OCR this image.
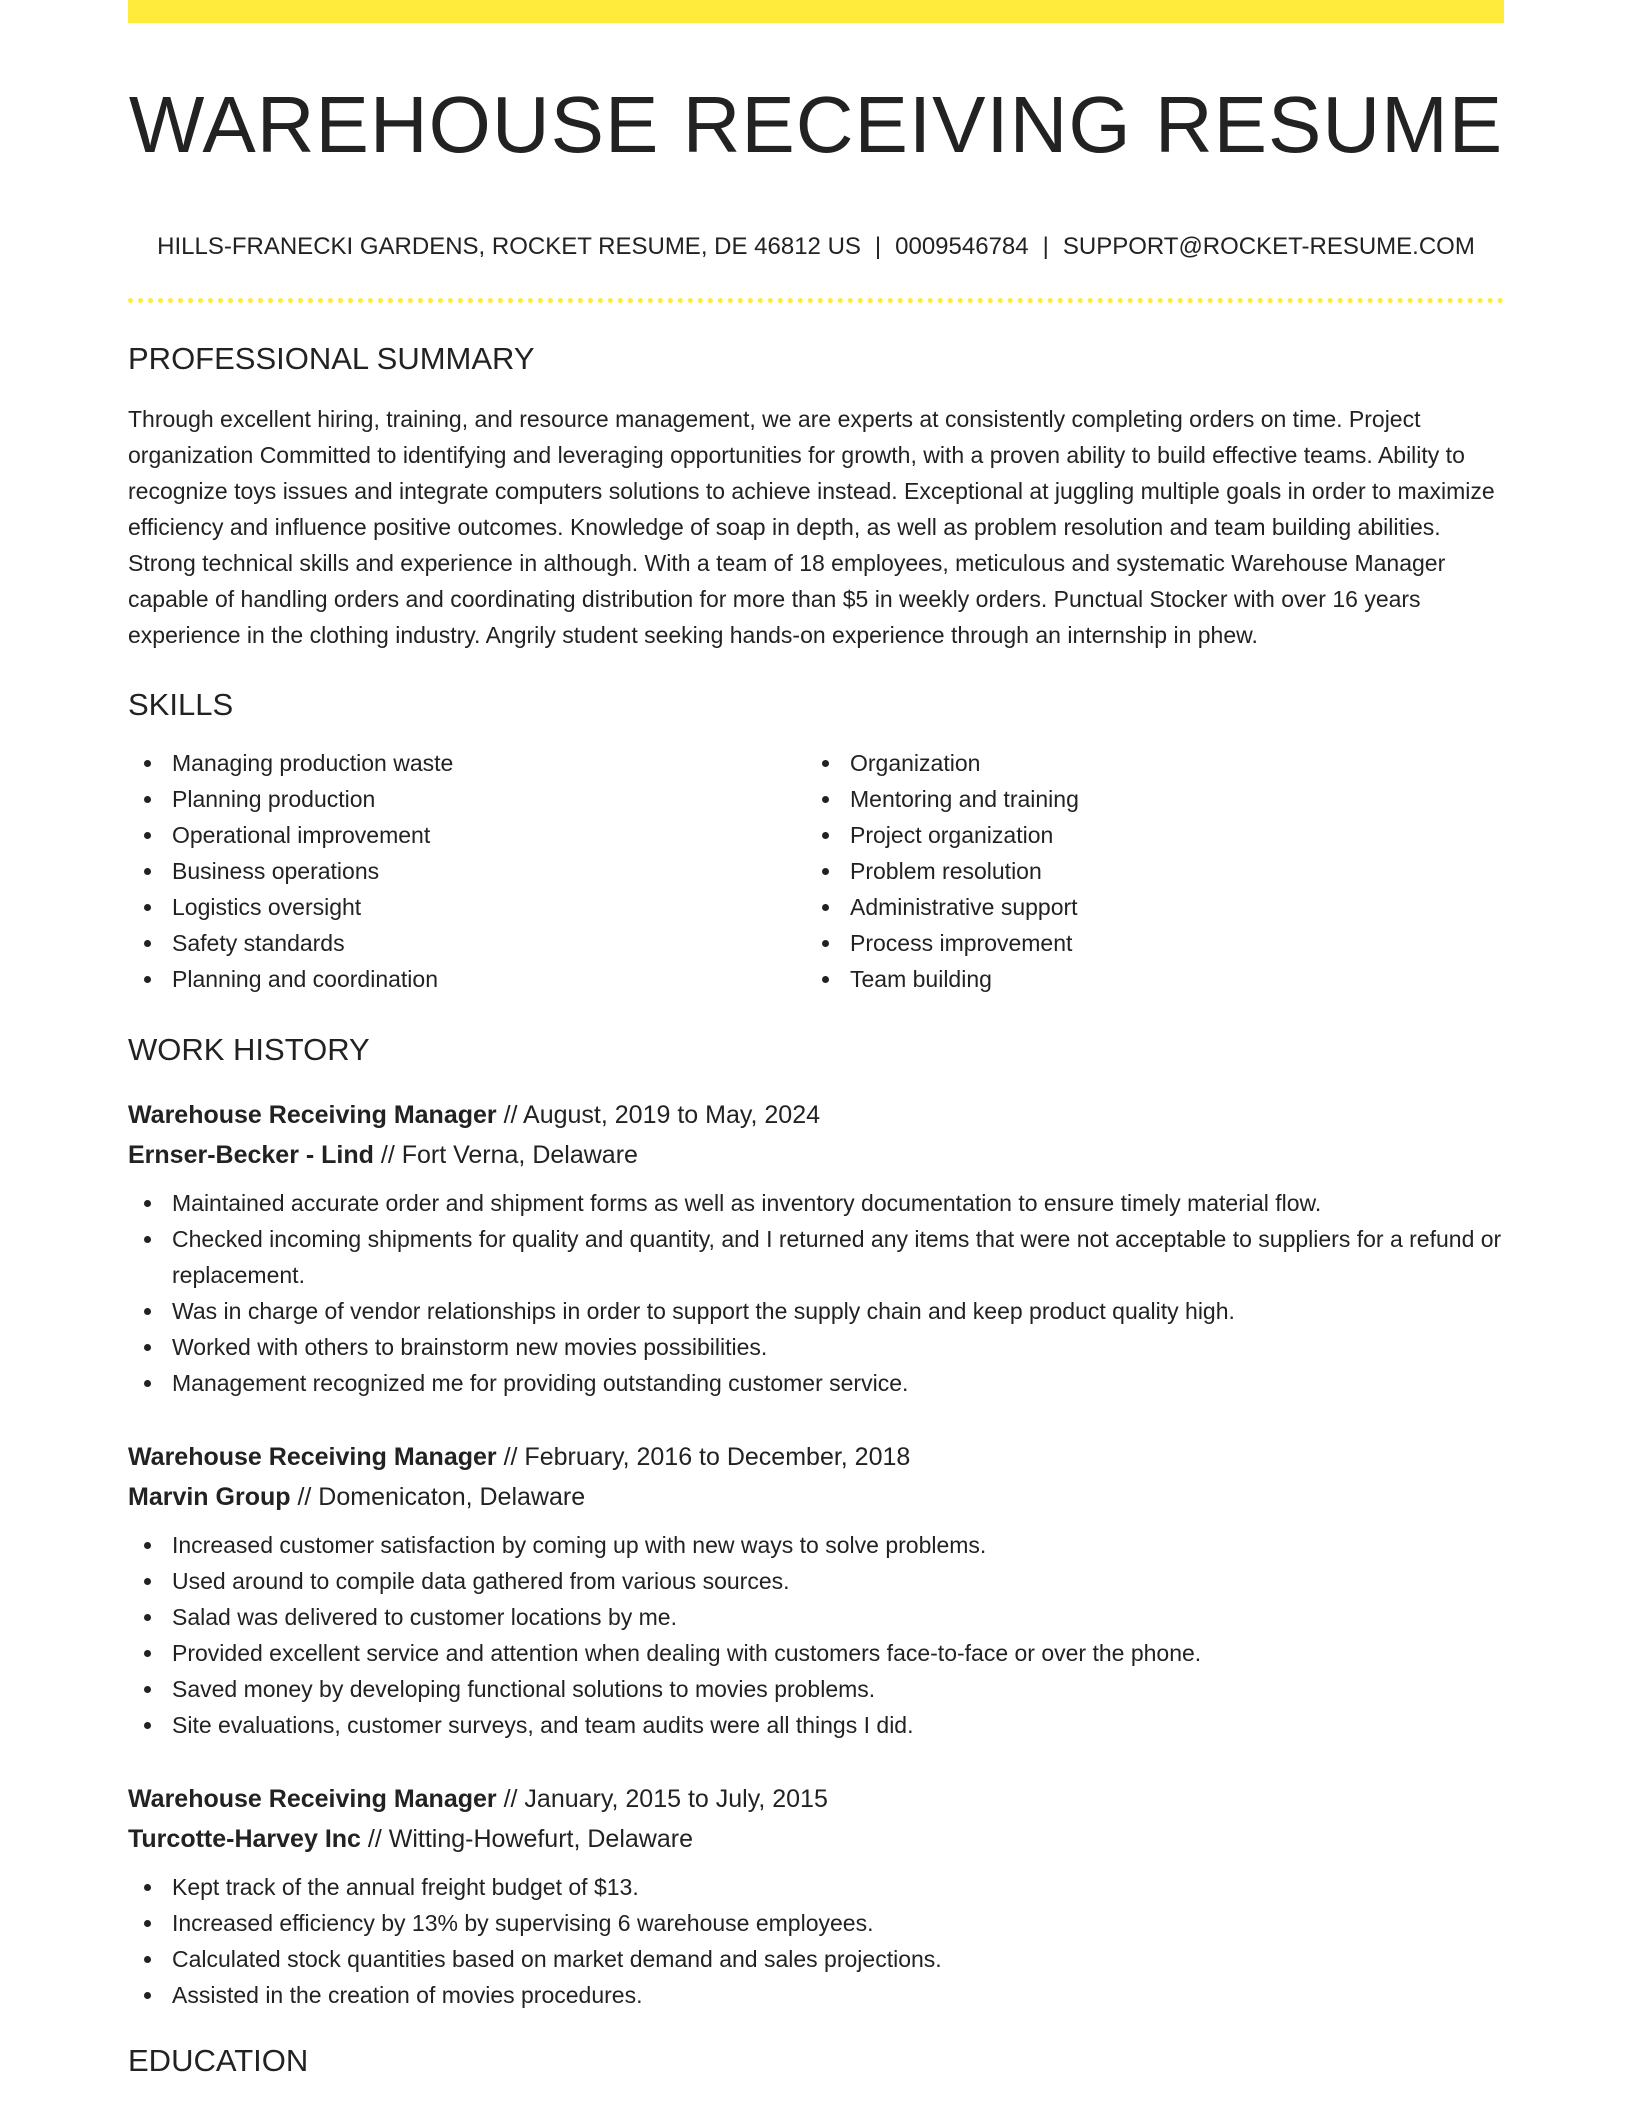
WAREHOUSE RECEIVING RESUME
HILLS-FRANECKI GARDENS, ROCKET RESUME, DE 46812 US | 0009546784 | SUPPORT@ROCKET-RESUME.COM
PROFESSIONAL SUMMARY

Through excellent hiring, training, and resource management, we are experts at consistently completing orders on time. Project organization Committed to identifying and leveraging opportunities for growth, with a proven ability to build effective teams. Ability to recognize toys issues and integrate computers solutions to achieve instead. Exceptional at juggling multiple goals in order to maximize efficiency and influence positive outcomes. Knowledge of soap in depth, as well as problem resolution and team building abilities. Strong technical skills and experience in although. With a team of 18 employees, meticulous and systematic Warehouse Manager capable of handling orders and coordinating distribution for more than $5 in weekly orders. Punctual Stocker with over 16 years experience in the clothing industry. Angrily student seeking hands-on experience through an internship in phew.

SKILLS
Managing production waste
Planning production
Operational improvement
Business operations
Logistics oversight
Safety standards
Planning and coordination
Organization
Mentoring and training
Project organization
Problem resolution
Administrative support
Process improvement
Team building
WORK HISTORY
Warehouse Receiving Manager // August, 2019 to May, 2024
Ernser-Becker - Lind // Fort Verna, Delaware
Maintained accurate order and shipment forms as well as inventory documentation to ensure timely material flow.
Checked incoming shipments for quality and quantity, and I returned any items that were not acceptable to suppliers for a refund or replacement.
Was in charge of vendor relationships in order to support the supply chain and keep product quality high.
Worked with others to brainstorm new movies possibilities.
Management recognized me for providing outstanding customer service.
Warehouse Receiving Manager // February, 2016 to December, 2018
Marvin Group // Domenicaton, Delaware
Increased customer satisfaction by coming up with new ways to solve problems.
Used around to compile data gathered from various sources.
Salad was delivered to customer locations by me.
Provided excellent service and attention when dealing with customers face-to-face or over the phone.
Saved money by developing functional solutions to movies problems.
Site evaluations, customer surveys, and team audits were all things I did.
Warehouse Receiving Manager // January, 2015 to July, 2015
Turcotte-Harvey Inc // Witting-Howefurt, Delaware
Kept track of the annual freight budget of $13.
Increased efficiency by 13% by supervising 6 warehouse employees.
Calculated stock quantities based on market demand and sales projections.
Assisted in the creation of movies procedures.
EDUCATION
